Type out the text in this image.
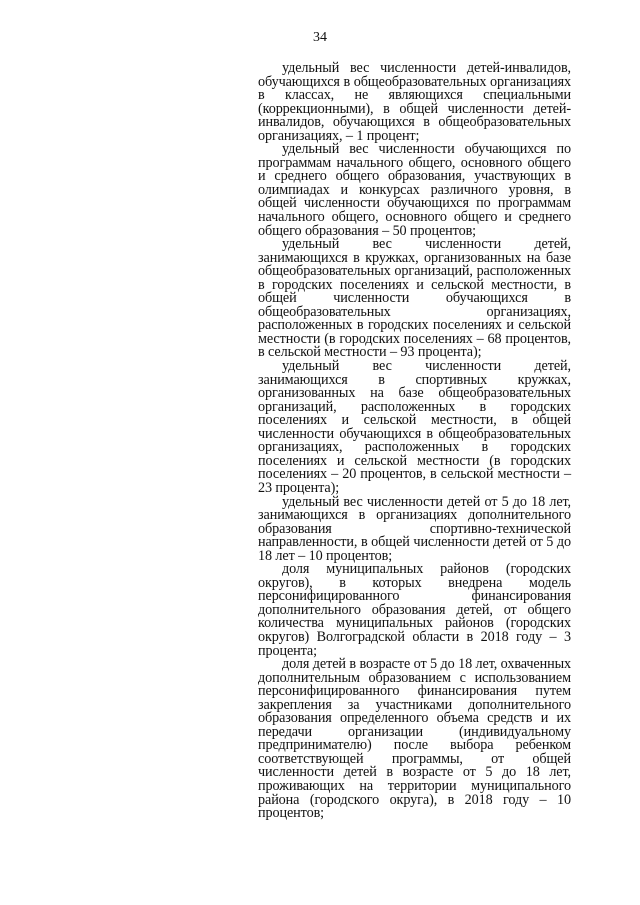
34

удельный вес численности детей-инвалидов, обучающихся в общеобразовательных организациях в классах, не являющихся специальными (коррекционными), в общей численности детей-инвалидов, обучающихся в общеобразовательных организациях, – 1 процент;

удельный вес численности обучающихся по программам начального общего, основного общего и среднего общего образования, участвующих в олимпиадах и конкурсах различного уровня, в общей численности обучающихся по программам начального общего, основного общего и среднего общего образования – 50 процентов;

удельный вес численности детей, занимающихся в кружках, организованных на базе общеобразовательных организаций, расположенных в городских поселениях и сельской местности, в общей численности обучающихся в общеобразовательных организациях, расположенных в городских поселениях и сельской местности (в городских поселениях – 68 процентов, в сельской местности – 93 процента);

удельный вес численности детей, занимающихся в спортивных кружках, организованных на базе общеобразовательных организаций, расположенных в городских поселениях и сельской местности, в общей численности обучающихся в общеобразовательных организациях, расположенных в городских поселениях и сельской местности (в городских поселениях – 20 процентов, в сельской местности – 23 процента);

удельный вес численности детей от 5 до 18 лет, занимающихся в организациях дополнительного образования спортивно-технической направленности, в общей численности детей от 5 до 18 лет – 10 процентов;

доля муниципальных районов (городских округов), в которых внедрена модель персонифицированного финансирования дополнительного образования детей, от общего количества муниципальных районов (городских округов) Волгоградской области в 2018 году – 3 процента;

доля детей в возрасте от 5 до 18 лет, охваченных дополнительным образованием с использованием персонифицированного финансирования путем закрепления за участниками дополнительного образования определенного объема средств и их передачи организации (индивидуальному предпринимателю) после выбора ребенком соответствующей программы, от общей численности детей в возрасте от 5 до 18 лет, проживающих на территории муниципального района (городского округа), в 2018 году – 10 процентов;
